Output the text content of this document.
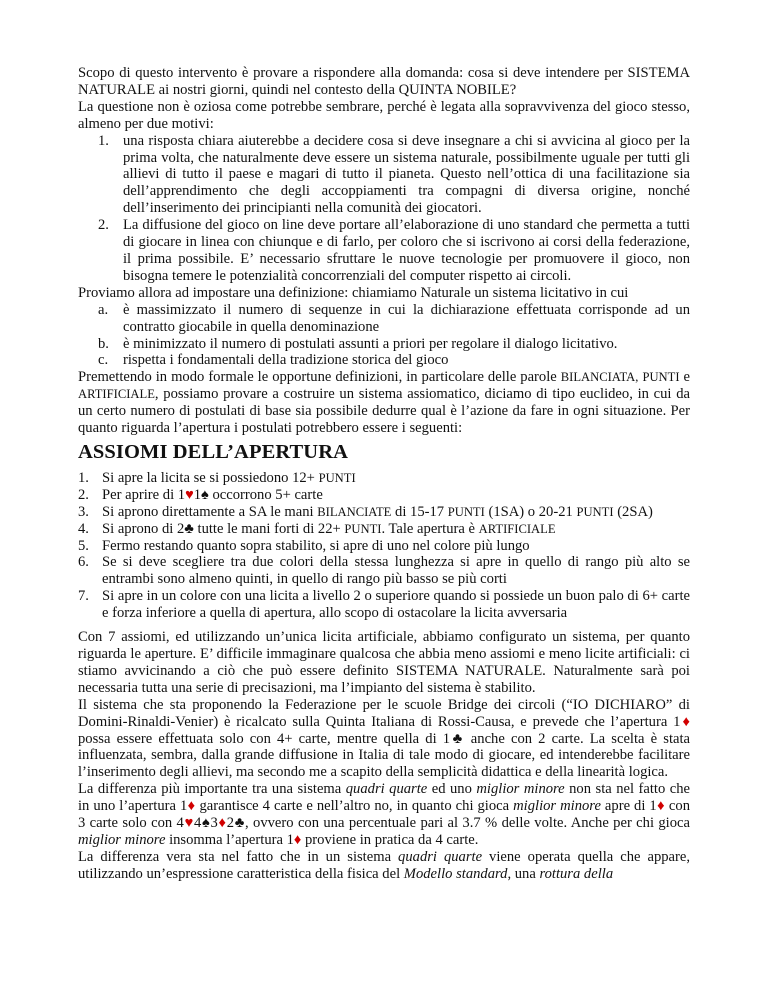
Scopo di questo intervento è provare a rispondere alla domanda: cosa si deve intendere per SISTEMA NATURALE ai nostri giorni, quindi nel contesto della QUINTA NOBILE?

La questione non è oziosa come potrebbe sembrare, perché è legata alla sopravvivenza del gioco stesso, almeno per due motivi:

1. una risposta chiara aiuterebbe a decidere cosa si deve insegnare a chi si avvicina al gioco per la prima volta, che naturalmente deve essere un sistema naturale, possibilmente uguale per tutti gli allievi di tutto il paese e magari di tutto il pianeta. Questo nell’ottica di una facilitazione sia dell’apprendimento che degli accoppiamenti tra compagni di diversa origine, nonché dell’inserimento dei principianti nella comunità dei giocatori.
2. La diffusione del gioco on line deve portare all’elaborazione di uno standard che permetta a tutti di giocare in linea con chiunque e di farlo, per coloro che si iscrivono ai corsi della federazione, il prima possibile. E’ necessario sfruttare le nuove tecnologie per promuovere il gioco, non bisogna temere le potenzialità concorrenziali del computer rispetto ai circoli.

Proviamo allora ad impostare una definizione: chiamiamo Naturale un sistema licitativo in cui

a. è massimizzato il numero di sequenze in cui la dichiarazione effettuata corrisponde ad un contratto giocabile in quella denominazione
b. è minimizzato il numero di postulati assunti a priori per regolare il dialogo licitativo.
c. rispetta i fondamentali della tradizione storica del gioco

Premettendo in modo formale le opportune definizioni, in particolare delle parole BILANCIATA, PUNTI e ARTIFICIALE, possiamo provare a costruire un sistema assiomatico, diciamo di tipo euclideo, in cui da un certo numero di postulati di base sia possibile dedurre qual è l’azione da fare in ogni situazione. Per quanto riguarda l’apertura i postulati potrebbero essere i seguenti:

ASSIOMI DELL’APERTURA
1. Si apre la licita se si possiedono 12+ PUNTI
2. Per aprire di 1♥1♠ occorrono 5+ carte
3. Si aprono direttamente a SA le mani BILANCIATE di 15-17 PUNTI (1SA) o 20-21 PUNTI (2SA)
4. Si aprono di 2♣ tutte le mani forti di 22+ PUNTI. Tale apertura è ARTIFICIALE
5. Fermo restando quanto sopra stabilito, si apre di uno nel colore più lungo
6. Se si deve scegliere tra due colori della stessa lunghezza si apre in quello di rango più alto se entrambi sono almeno quinti, in quello di rango più basso se più corti
7. Si apre in un colore con una licita a livello 2 o superiore quando si possiede un buon palo di 6+ carte e forza inferiore a quella di apertura, allo scopo di ostacolare la licita avversaria

Con 7 assiomi, ed utilizzando un’unica licita artificiale, abbiamo configurato un sistema, per quanto riguarda le aperture. E’ difficile immaginare qualcosa che abbia meno assiomi e meno licite artificiali: ci stiamo avvicinando a ciò che può essere definito SISTEMA NATURALE. Naturalmente sarà poi necessaria tutta una serie di precisazioni, ma l’impianto del sistema è stabilito.

Il sistema che sta proponendo la Federazione per le scuole Bridge dei circoli (“IO DICHIARO” di Domini-Rinaldi-Venier) è ricalcato sulla Quinta Italiana di Rossi-Causa, e prevede che l’apertura 1♦ possa essere effettuata solo con 4+ carte, mentre quella di 1♣ anche con 2 carte. La scelta è stata influenzata, sembra, dalla grande diffusione in Italia di tale modo di giocare, ed intenderebbe facilitare l’inserimento degli allievi, ma secondo me a scapito della semplicità didattica e della linearità logica.

La differenza più importante tra una sistema quadri quarte ed uno miglior minore non sta nel fatto che in uno l’apertura 1♦ garantisce 4 carte e nell’altro no, in quanto chi gioca miglior minore apre di 1♦ con 3 carte solo con 4♥4♠3♦2♣, ovvero con una percentuale pari al 3.7 % delle volte. Anche per chi gioca miglior minore insomma l’apertura 1♦ proviene in pratica da 4 carte.

La differenza vera sta nel fatto che in un sistema quadri quarte viene operata quella che appare, utilizzando un’espressione caratteristica della fisica del Modello standard, una rottura della
